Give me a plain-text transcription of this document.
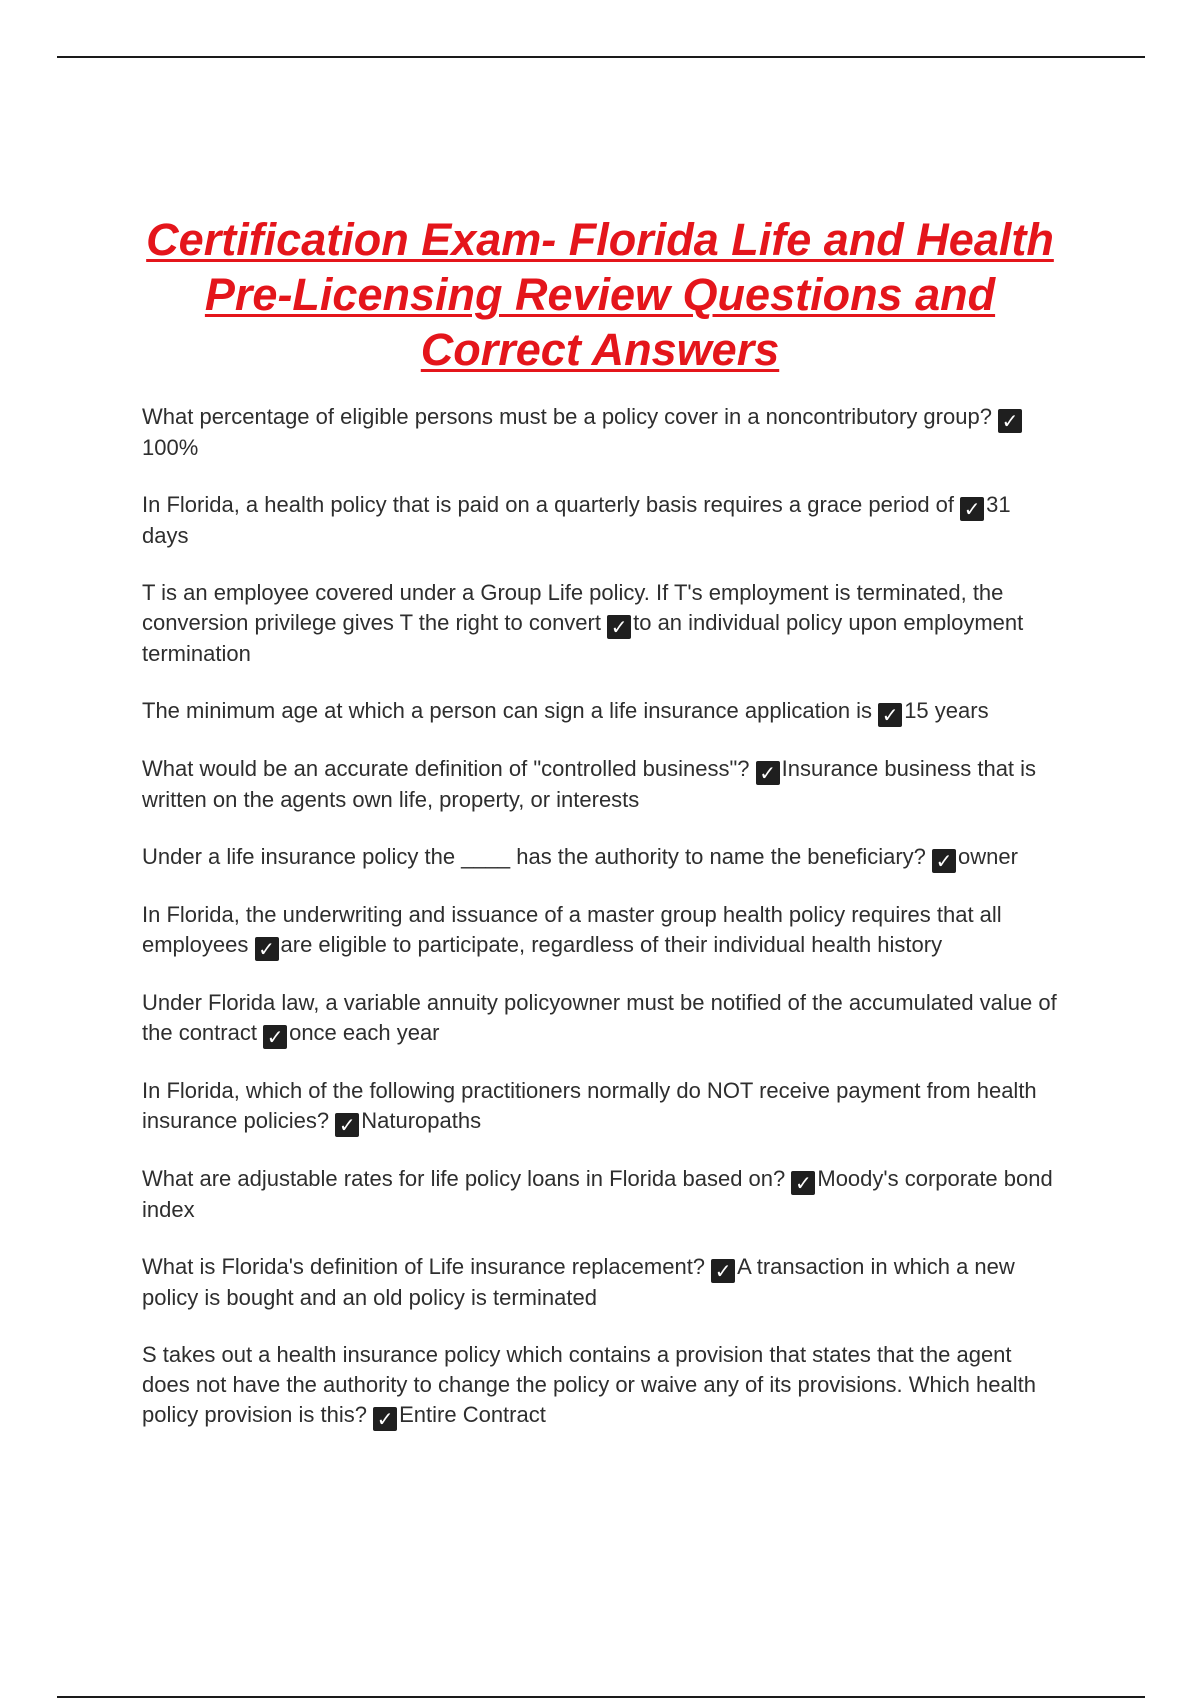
Certification Exam- Florida Life and Health Pre-Licensing Review Questions and Correct Answers
What percentage of eligible persons must be a policy cover in a noncontributory group? ✓100%
In Florida, a health policy that is paid on a quarterly basis requires a grace period of ✓ 31 days
T is an employee covered under a Group Life policy. If T's employment is terminated, the conversion privilege gives T the right to convert ✓ to an individual policy upon employment termination
The minimum age at which a person can sign a life insurance application is ✓ 15 years
What would be an accurate definition of "controlled business"? ✓ Insurance business that is written on the agents own life, property, or interests
Under a life insurance policy the ____ has the authority to name the beneficiary? ✓ owner
In Florida, the underwriting and issuance of a master group health policy requires that all employees ✓ are eligible to participate, regardless of their individual health history
Under Florida law, a variable annuity policyowner must be notified of the accumulated value of the contract ✓ once each year
In Florida, which of the following practitioners normally do NOT receive payment from health insurance policies? ✓ Naturopaths
What are adjustable rates for life policy loans in Florida based on? ✓ Moody's corporate bond index
What is Florida's definition of Life insurance replacement? ✓ A transaction in which a new policy is bought and an old policy is terminated
S takes out a health insurance policy which contains a provision that states that the agent does not have the authority to change the policy or waive any of its provisions. Which health policy provision is this? ✓ Entire Contract
